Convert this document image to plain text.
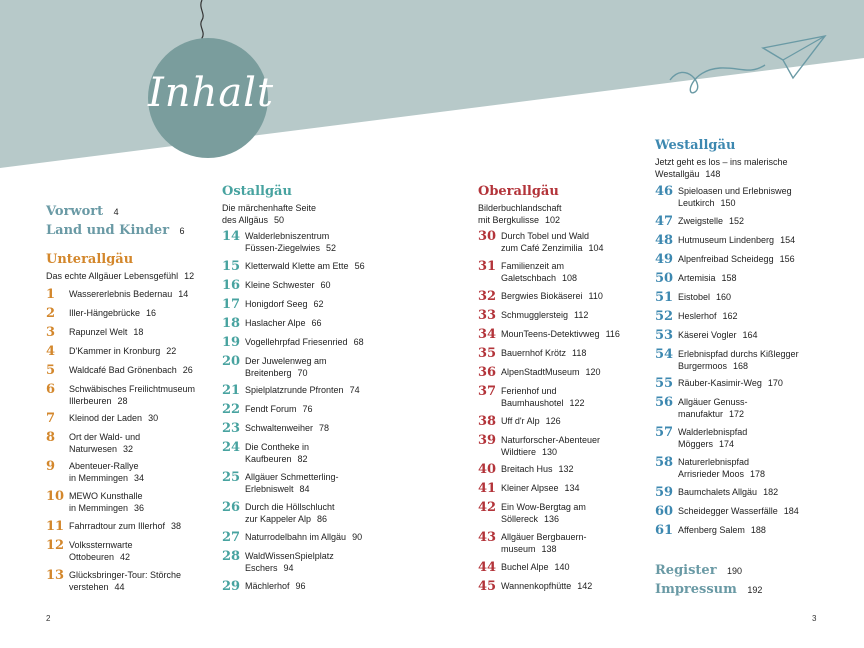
Inhalt
Vorwort 4
Land und Kinder 6
Unterallgäu
Das echte Allgäuer Lebensgefühl 12
1	Wassererlebnis Bedernau 14
2	Iller-Hängebrücke 16
3	Rapunzel Welt 18
4	D'Kammer in Kronburg 22
5	Waldcafé Bad Grönenbach 26
6	Schwäbisches Freilichtmuseum
Illerbeuren 28
7	Kleinod der Laden 30
8	Ort der Wald- und
Naturwesen 32
9	Abenteuer-Rallye
in Memmingen 34
10 MEWO Kunsthalle
in Memmingen 36
11 Fahrradtour zum Illerhof 38
12 Volkssternwarte
Ottobeuren 42
13 Glücksbringer-Tour: Störche
verstehen 44
Ostallgäu
Die märchenhafte Seite
des Allgäus 50
14 Walderlebniszentrum
Füssen-Ziegelwies 52
15 Kletterwald Klette am Ette 56
16 Kleine Schwester 60
17 Honigdorf Seeg 62
18 Haslacher Alpe 66
19 Vogellehrpfad Friesenried 68
20 Der Juwelenweg am
Breitenberg 70
21 Spielplatzrunde Pfronten 74
22 Fendt Forum 76
23 Schwaltenweiher 78
24 Die Contheke in
Kaufbeuren 82
25 Allgäuer Schmetterling-
Erlebniswelt 84
26 Durch die Höllschlucht
zur Kappeler Alp 86
27 Naturrodelbahn im Allgäu 90
28 WaldWissenSpielplatz
Eschers 94
29 Mächlerhof 96
Oberallgäu
Bilderbuchlandschaft
mit Bergkulisse 102
30 Durch Tobel und Wald
zum Café Zenzimilia 104
31 Familienzeit am
Galetschbach 108
32 Bergwies Biokäserei 110
33 Schmugglersteig 112
34 MounTeens-Detektivweg 116
35 Bauernhof Krötz 118
36 AlpenStadtMuseum 120
37 Ferienhof und
Baumhaushotel 122
38 Uff d'r Alp 126
39 Naturforscher-Abenteuer
Wildtiere 130
40 Breitach Hus 132
41 Kleiner Alpsee 134
42 Ein Wow-Bergtag am
Söllereck 136
43 Allgäuer Bergbauern-
museum 138
44 Buchel Alpe 140
45 Wannenkopfhütte 142
Westallgäu
Jetzt geht es los – ins malerische
Westallgäu 148
46 Spieloasen und Erlebnisweg
Leutkirch 150
47 Zweigstelle 152
48 Hutmuseum Lindenberg 154
49 Alpenfreibad Scheidegg 156
50 Artemisia 158
51 Eistobel 160
52 Heslerhof 162
53 Käserei Vogler 164
54 Erlebnispfad durchs Kißlegger
Burgermoos 168
55 Räuber-Kasimir-Weg 170
56 Allgäuer Genuss-
manufaktur 172
57 Walderlebnispfad
Möggers 174
58 Naturerlebnispfad
Arrisrieder Moos 178
59 Baumchalets Allgäu 182
60 Scheidegger Wasserfälle 184
61 Affenberg Salem 188
Register 190
Impressum 192
2	3
